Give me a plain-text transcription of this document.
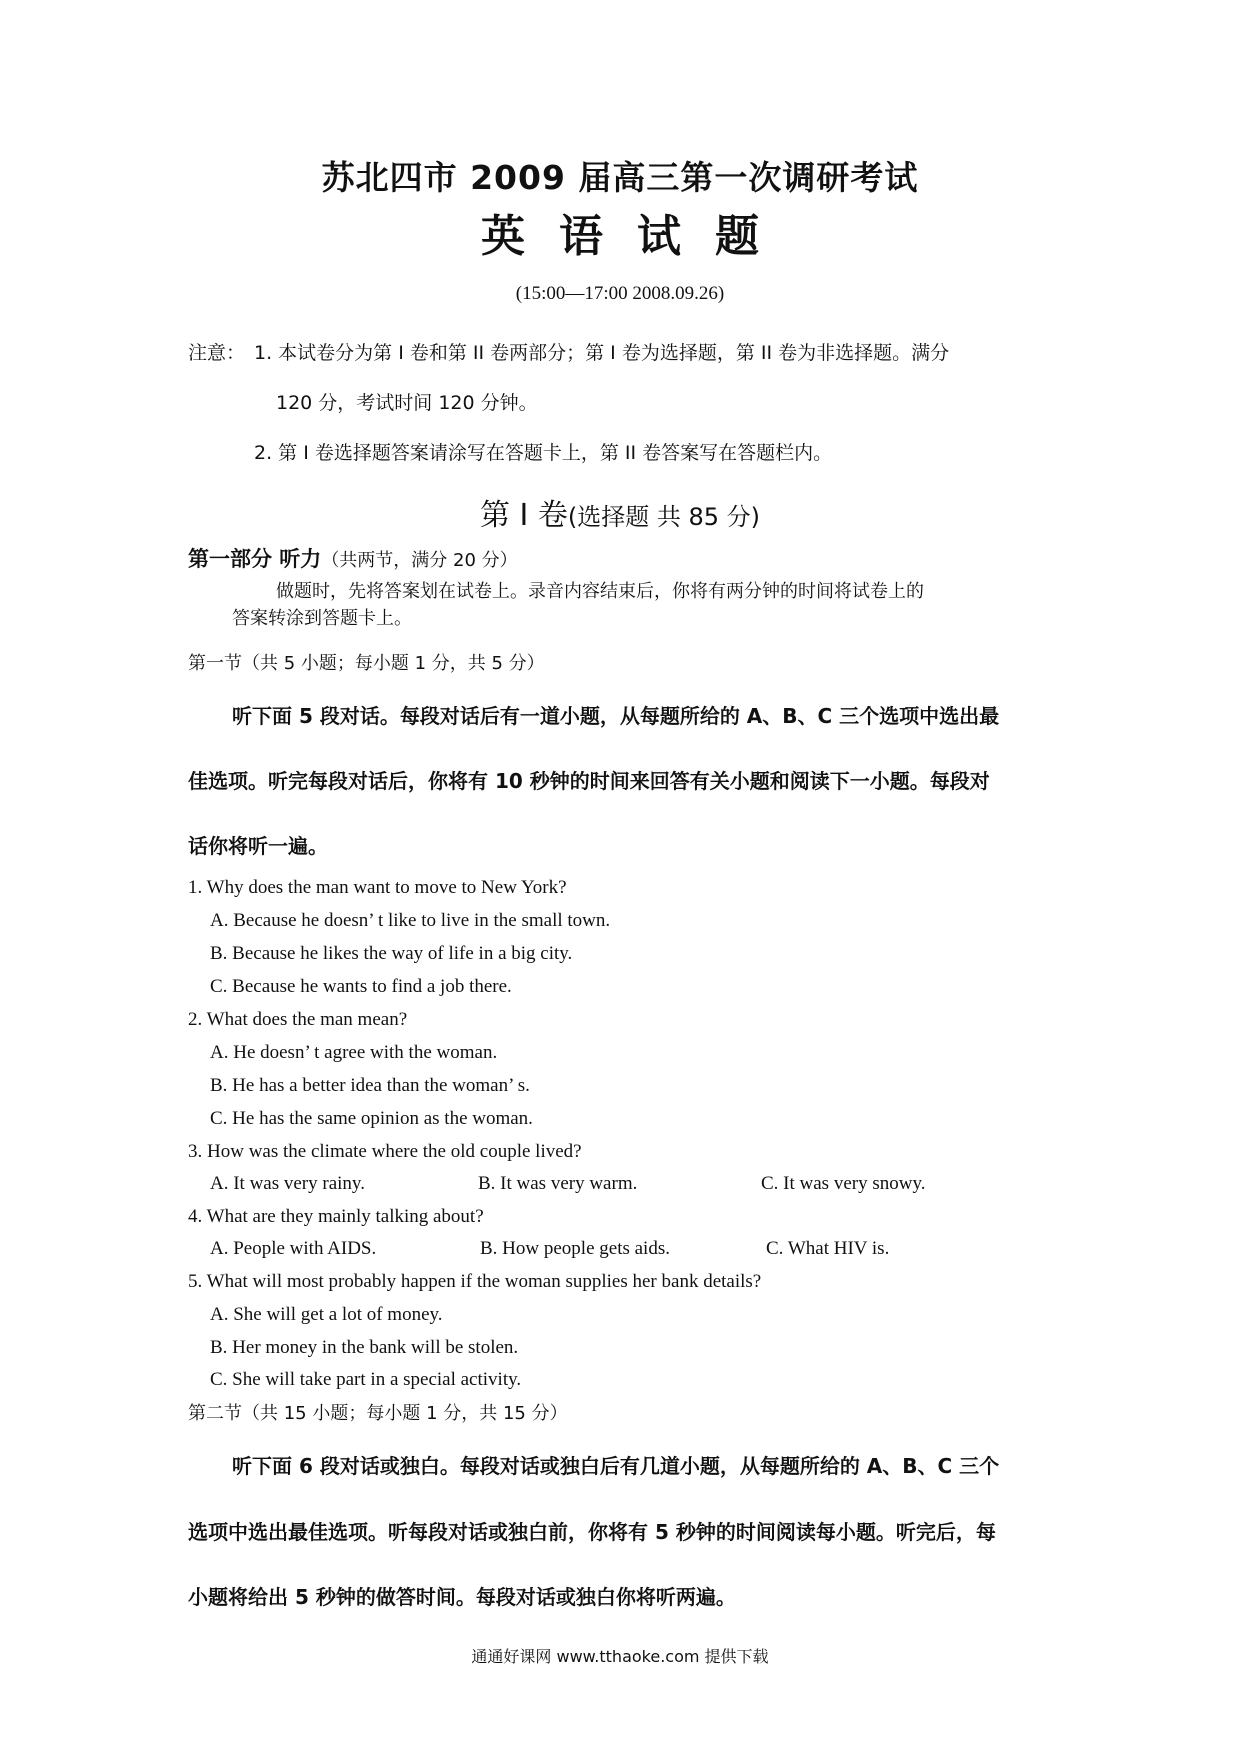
苏北四市 2009 届高三第一次调研考试
英语试题
(15:00—17:00 2008.09.26)
注意： 1. 本试卷分为第 I 卷和第 II 卷两部分；第 I 卷为选择题，第 II 卷为非选择题。满分
120 分，考试时间 120 分钟。
2. 第 I 卷选择题答案请涂写在答题卡上，第 II 卷答案写在答题栏内。
第 I 卷(选择题 共 85 分)
第一部分 听力（共两节，满分 20 分）
做题时，先将答案划在试卷上。录音内容结束后，你将有两分钟的时间将试卷上的
答案转涂到答题卡上。
第一节（共 5 小题；每小题 1 分，共 5 分）
听下面 5 段对话。每段对话后有一道小题，从每题所给的 A、B、C 三个选项中选出最
佳选项。听完每段对话后，你将有 10 秒钟的时间来回答有关小题和阅读下一小题。每段对
话你将听一遍。
1. Why does the man want to move to New York?
A. Because he doesn’ t like to live in the small town.
B. Because he likes the way of life in a big city.
C. Because he wants to find a job there.
2. What does the man mean?
A. He doesn’ t agree with the woman.
B. He has a better idea than the woman’ s.
C. He has the same opinion as the woman.
3. How was the climate where the old couple lived?
A. It was very rainy.	B. It was very warm.	C. It was very snowy.
4. What are they mainly talking about?
A. People with AIDS.	B. How people gets aids.	C. What HIV is.
5. What will most probably happen if the woman supplies her bank details?
A. She will get a lot of money.
B. Her money in the bank will be stolen.
C. She will take part in a special activity.
第二节（共 15 小题；每小题 1 分，共 15 分）
听下面 6 段对话或独白。每段对话或独白后有几道小题，从每题所给的 A、B、C 三个
选项中选出最佳选项。听每段对话或独白前，你将有 5 秒钟的时间阅读每小题。听完后，每
小题将给出 5 秒钟的做答时间。每段对话或独白你将听两遍。
通通好课网 www.tthaoke.com 提供下载
